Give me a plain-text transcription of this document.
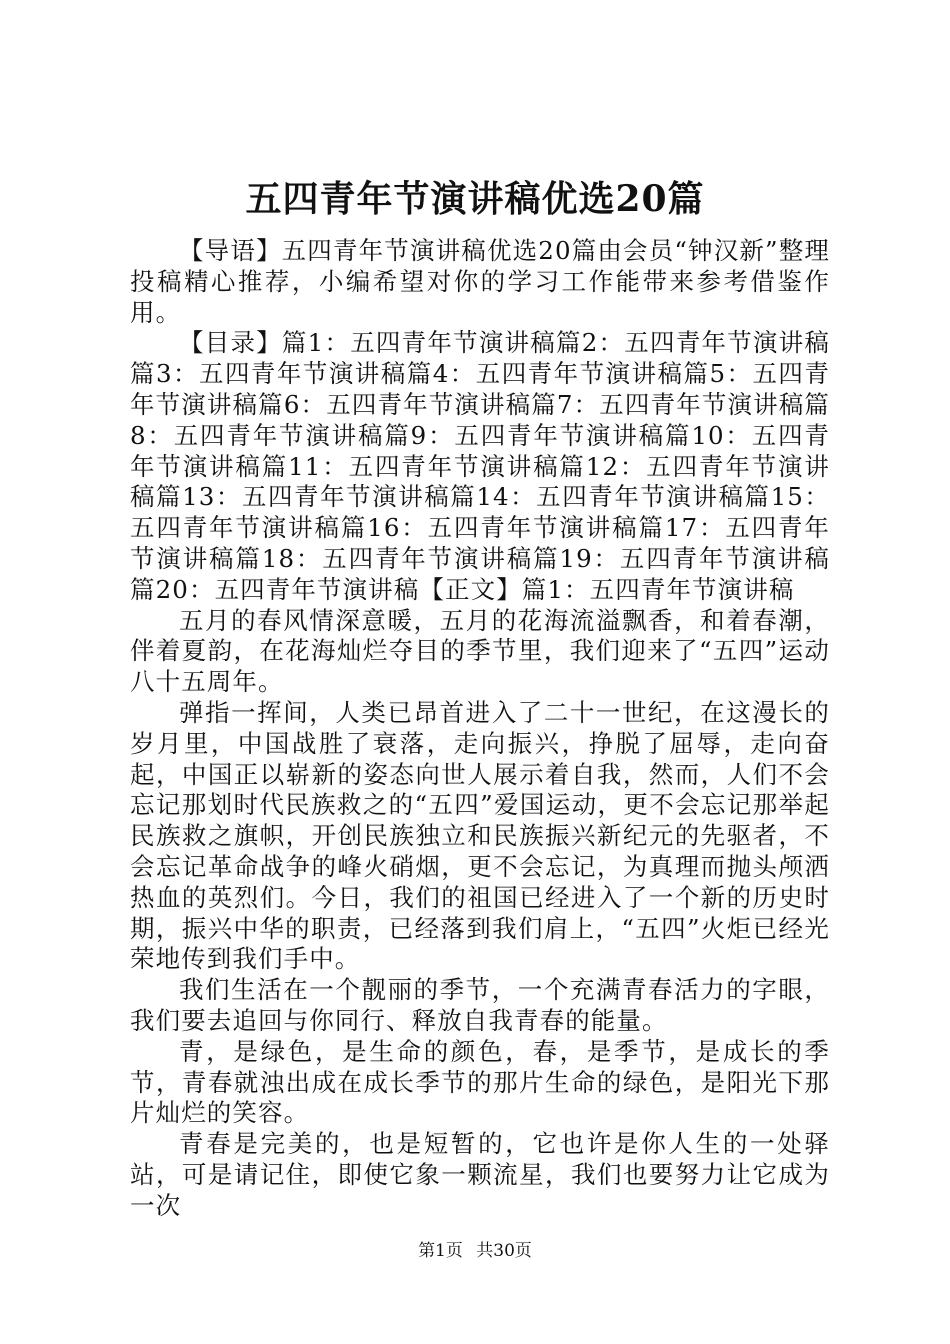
五四青年节演讲稿优选20篇

【导语】五四青年节演讲稿优选20篇由会员“钟汉新”整理投稿精心推荐，小编希望对你的学习工作能带来参考借鉴作用。

【目录】篇1：五四青年节演讲稿篇2：五四青年节演讲稿篇3：五四青年节演讲稿篇4：五四青年节演讲稿篇5：五四青年节演讲稿篇6：五四青年节演讲稿篇7：五四青年节演讲稿篇8：五四青年节演讲稿篇9：五四青年节演讲稿篇10：五四青年节演讲稿篇11：五四青年节演讲稿篇12：五四青年节演讲稿篇13：五四青年节演讲稿篇14：五四青年节演讲稿篇15：五四青年节演讲稿篇16：五四青年节演讲稿篇17：五四青年节演讲稿篇18：五四青年节演讲稿篇19：五四青年节演讲稿篇20：五四青年节演讲稿【正文】篇1：五四青年节演讲稿

五月的春风情深意暖，五月的花海流溢飘香，和着春潮，伴着夏韵，在花海灿烂夺目的季节里，我们迎来了“五四”运动八十五周年。

弹指一挥间，人类已昂首进入了二十一世纪，在这漫长的岁月里，中国战胜了衰落，走向振兴，挣脱了屈辱，走向奋起，中国正以崭新的姿态向世人展示着自我，然而，人们不会忘记那划时代民族救之的“五四”爱国运动，更不会忘记那举起民族救之旗帜，开创民族独立和民族振兴新纪元的先驱者，不会忘记革命战争的峰火硝烟，更不会忘记，为真理而抛头颅洒热血的英烈们。今日，我们的祖国已经进入了一个新的历史时期，振兴中华的职责，已经落到我们肩上，“五四”火炬已经光荣地传到我们手中。

我们生活在一个靓丽的季节，一个充满青春活力的字眼，我们要去追回与你同行、释放自我青春的能量。

青，是绿色，是生命的颜色，春，是季节，是成长的季节，青春就浊出成在成长季节的那片生命的绿色，是阳光下那片灿烂的笑容。

青春是完美的，也是短暂的，它也许是你人生的一处驿站，可是请记住，即使它象一颗流星，我们也要努力让它成为一次

第1页 共30页
